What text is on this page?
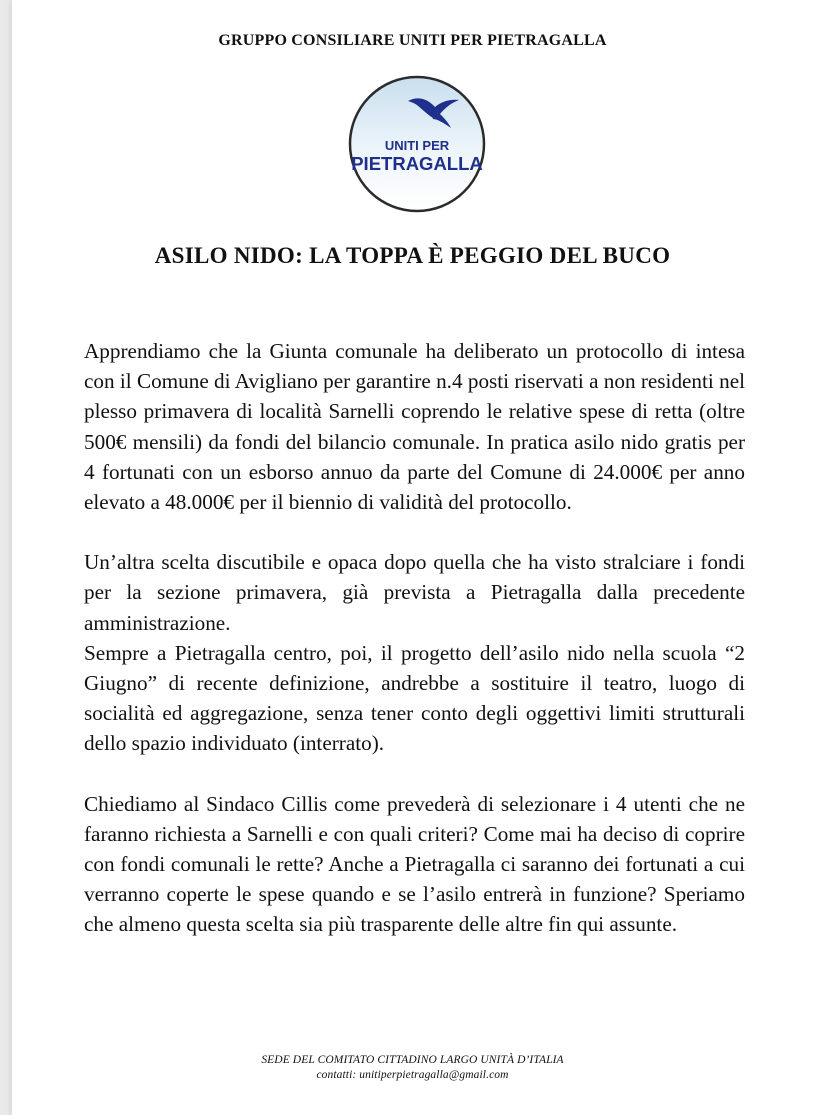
GRUPPO CONSILIARE UNITI PER PIETRAGALLA
UNITI PER
PIETRAGALLA
ASILO NIDO: LA TOPPA È PEGGIO DEL BUCO

Apprendiamo che la Giunta comunale ha deliberato un protocollo di intesa con il Comune di Avigliano per garantire n.4 posti riservati a non residenti nel plesso primavera di località Sarnelli coprendo le relative spese di retta (oltre 500€ mensili) da fondi del bilancio comunale. In pratica asilo nido gratis per 4 fortunati con un esborso annuo da parte del Comune di 24.000€ per anno elevato a 48.000€ per il biennio di validità del protocollo.

Un’altra scelta discutibile e opaca dopo quella che ha visto stralciare i fondi per la sezione primavera, già prevista a Pietragalla dalla precedente amministrazione.

Sempre a Pietragalla centro, poi, il progetto dell’asilo nido nella scuola “2 Giugno” di recente definizione, andrebbe a sostituire il teatro, luogo di socialità ed aggregazione, senza tener conto degli oggettivi limiti strutturali dello spazio individuato (interrato).

Chiediamo al Sindaco Cillis come prevederà di selezionare i 4 utenti che ne faranno richiesta a Sarnelli e con quali criteri? Come mai ha deciso di coprire con fondi comunali le rette? Anche a Pietragalla ci saranno dei fortunati a cui verranno coperte le spese quando e se l’asilo entrerà in funzione? Speriamo che almeno questa scelta sia più trasparente delle altre fin qui assunte.

SEDE DEL COMITATO CITTADINO LARGO UNITÀ D’ITALIA
contatti: unitiperpietragalla@gmail.com
